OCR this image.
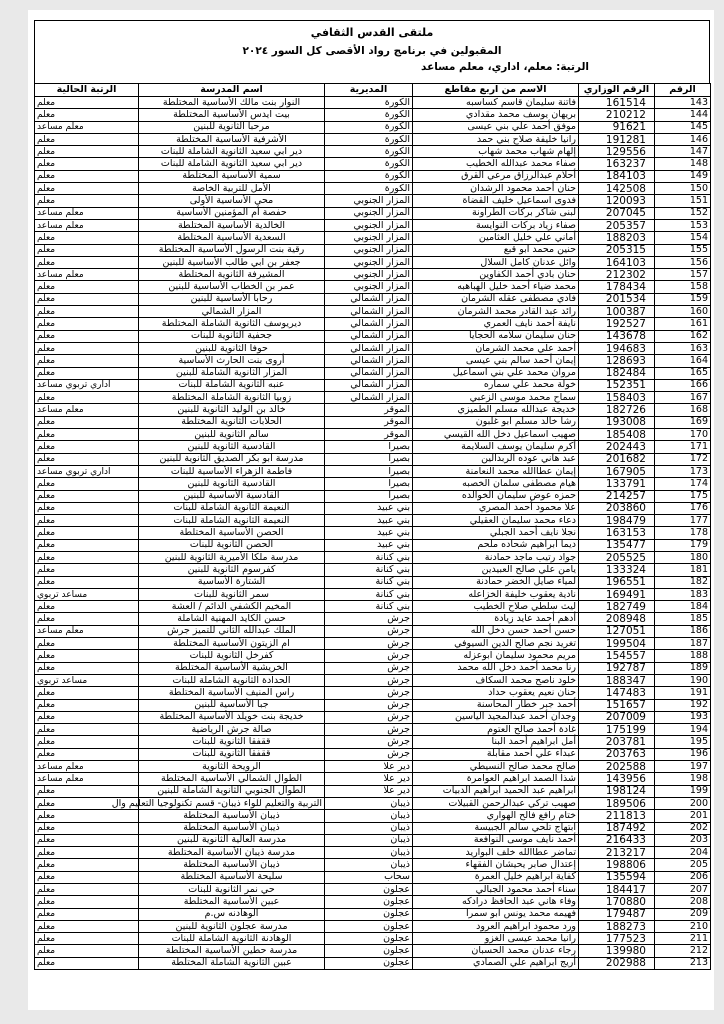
ملتقى القدس الثقافي
المقبولين في برنامج رواد الأقصى كل السور ٢٠٢٤
الرتبة: معلم، اداري، معلم مساعد
الرقم	الرقم الوزاري	الاسم من اربع مقاطع	المديرية	اسم المدرسة	الرتبة الحالية
143	161514	فاتنة سليمان قاسم كساسبه	الكورة	النوار بنت مالك الأساسية المختلطة	معلم
144	210212	بريهان يوسف محمد مقدادي	الكورة	بيت ايدس الأساسية المختلطة	معلم
145	91621	موفق أحمد علي بني عيسى	الكورة	مرحبا الثانوية للبنين	معلم مساعد
146	191281	رانيا خليفة صلاح بني حمد	الكورة	الأشرفية الأساسية المختلطة	معلم
147	129556	إلهام شهاب محمد شهاب	الكورة	دير ابي سعيد الثانوية الشاملة للبنات	معلم
148	163237	صفاء محمد عبدالله الخطيب	الكورة	دير ابي سعيد الثانوية الشاملة للبنات	معلم
149	184103	أحلام عبدالرزاق مرعي القرق	الكورة	سمية الأساسية المختلطة	معلم
150	142508	حنان أحمد محمود الرشدان	الكورة	الأمل للتربية الخاصة	معلم
151	120093	فدوى اسماعيل خليف القضاة	المزار الجنوبي	محي الأساسية الأولى	معلم
152	207045	لبنى شاكر بركات الطراونة	المزار الجنوبي	حفصة أم المؤمنين الأساسية	معلم مساعد
153	205357	صفاء زياد بركات النوايسة	المزار الجنوبي	الخالدية الأساسية المختلطة	معلم مساعد
154	188203	أماني علي خليل العثامين	المزار الجنوبي	السعدية الأساسية المختلطة	معلم
155	205315	حنين محمد ابو قبع	المزار الجنوبي	رقية بنت الرسول الأساسية المختلطة	معلم
156	164103	وائل عدنان كامل السلال	المزار الجنوبي	جعفر بن ابي طالب الأساسية للبنين	معلم
157	212302	حنان بادي أحمد الكفاوين	المزار الجنوبي	المشيرفة الثانوية المختلطة	معلم مساعد
158	178434	محمد ضياء أحمد خليل الهباهبه	المزار الجنوبي	عمر بن الخطاب الأساسية للبنين	معلم
159	201534	فادي مصطفى عقله الشرمان	المزار الشمالي	رحابا الأساسية للبنين	معلم
160	100387	رائد عبد القادر محمد الشرمان	المزار الشمالي	المزار الشمالي	معلم
161	192527	نايفة أحمد نايف العمري	المزار الشمالي	ديريوسف الثانوية الشاملة المختلطة	معلم
162	143678	حنان سليمان سلامه الحجايا	المزار الشمالي	جحفية الثانوية للبنات	معلم
163	194683	أحمد علي محمد الشرمان	المزار الشمالي	حوفا الثانوية للبنين	معلم
164	128693	إيمان أحمد سالم بني عيسى	المزار الشمالي	أروى بنت الحارث الأساسية	معلم
165	182484	مروان محمد علي بني اسماعيل	المزار الشمالي	المزار الثانوية الشاملة للبنين	معلم
166	152351	خولة محمد علي سماره	المزار الشمالي	عنبه الثانوية الشاملة للبنات	اداري تربوي مساعد
167	158403	سماح محمد موسى الزعبي	المزار الشمالي	زوبيا الثانوية الشاملة المختلطة	معلم
168	182726	خديجة عبدالله مسلم الطميزي	الموقر	خالد بن الوليد الثانوية للبنين	معلم مساعد
169	193008	رشا خالد مسلم ابو غلبون	الموقر	الحلابات الثانوية المختلطة	معلم
170	185408	صهيب اسماعيل دخل الله القيسي	الموقر	سالم الثانوية للبنين	معلم
171	202443	أكرم سليمان يوسف السلايمة	بصيرا	القادسية الثانوية للبنين	معلم
172	201682	عبد هاني عوده الربدالين	بصيرا	مدرسة ابو بكر الصديق الثانوية للبنين	معلم
173	167905	إيمان عطاالله محمد النعامنة	بصيرا	فاطمة الزهراء الأساسية للبنات	اداري تربوي مساعد
174	133791	هيام مصطفى سلمان الخصبه	بصيرا	القادسية الثانوية للبنين	معلم
175	214257	حمزه عوض سليمان الخوالده	بصيرا	القادسية الأساسية للبنين	معلم
176	203860	علا محمود أحمد المصري	بني عبيد	النعيمة الثانوية الشاملة للبنات	معلم
177	198479	دعاء محمد سليمان العقيلي	بني عبيد	النعيمة الثانوية الشاملة للبنات	معلم
178	163153	نجلا نايف أحمد الجبلي	بني عبيد	الحصن الأساسية المختلطة	معلم
179	135477	ديما ابراهيم شحاده ملحم	بني عبيد	الحصن الثانوية للبنات	معلم
180	205525	جواد رتيب ماجد حمادنة	بني كنانة	مدرسة ملكا الأميرية الثانوية للبنين	معلم
181	133324	يامن علي صالح العبيدين	بني كنانة	كفرسوم الثانوية للبنين	معلم
182	196551	لمياء صايل الخضر حمادنة	بني كنانة	الشتارة الأساسية	معلم
183	169491	نادية يعقوب خليفة الخزاعله	بني كنانة	سمر الثانوية للبنات	مساعد تربوي
184	182749	ليث سلطي صلاح الخطيب	بني كنانة	المخيم الكشفي الدائم / العشة	معلم
185	208948	أدهم أحمد عايد زيادة	جرش	حسن الكايد المهنية الشاملة	معلم
186	127051	حسن أحمد حسن دخل الله	جرش	الملك عبدالله الثاني للتميز جرش	معلم مساعد
187	199504	تغريد نجم صالح الدين السيوفي	جرش	ام الزيتون الأساسية المختلطة	معلم
188	154557	مريم محمود سليمان ابوعزله	جرش	كفرخل الثانوية للبنات	معلم
189	192787	رنا محمد أحمد دخل الله محمد	جرش	الخريشية الأساسية المختلطة	معلم
190	188347	خلود ناصح محمد السكاف	جرش	الحدادة الثانوية الشاملة للبنات	مساعد تربوي
191	147483	حنان نعيم يعقوب حداد	جرش	راس المنيف الأساسية المختلطة	معلم
192	151657	أحمد جبر خطار المحاسنة	جرش	جبا الأساسية للبنين	معلم
193	207009	وجدان أحمد عبدالمجيد الياسين	جرش	خديجة بنت خويلد الأساسية المختلطة	معلم
194	175199	غادة أحمد صالح العتوم	جرش	صالة جرش الرياضية	معلم
195	203781	أمل ابراهيم أحمد البنا	جرش	ققفقا الثانوية للبنات	معلم
196	203763	عبداء علي أحمد مقابلة	جرش	ققفقا الثانوية للبنات	معلم
197	202588	صالح محمد صالح النسيطي	دير علا	الرويحة الثانوية	معلم مساعد
198	143956	شذا الصمد ابراهيم العوامرة	دير علا	الطوال الشمالي الأساسية المختلطة	معلم مساعد
199	198124	ابراهيم عبد الحميد ابراهيم الدبيات	دير علا	الطوال الجنوبي الثانوية الشاملة للبنين	معلم
200	189506	صهيب تركي عبدالرحمن القبيلات	ذيبان	التربية والتعليم للواء ذيبان- قسم تكنولوجيا التعليم وال	معلم
201	211813	ختام رافع فالح الهواري	ذيبان	ذيبان الأساسية المختلطة	معلم
202	187492	ابتهاج تلحي سالم الجبيسة	ذيبان	ذيبان الأساسية المختلطة	معلم
203	216433	أحمد نايف موسى النوافعة	ذيبان	مدرسة العالية الثانوية للبنين	معلم
204	213217	تماضر عطاالله خلف البواريد	ذيبان	مدرسة ذيبان الأساسية المختلطة	معلم
205	198806	إعتدال صابر يحيشان الفقهاء	ذيبان	ذيبان الأساسية المختلطة	معلم
206	135594	كفاية ابراهيم خليل العمرة	سحاب	سليحة الأساسية المختلطة	معلم
207	184417	سناء أحمد محمود الجبالي	عجلون	حي نمر الثانوية للبنات	معلم
208	170880	وفاء هاني عبد الحافظ درادكه	عجلون	عبين الأساسية المختلطة	معلم
209	179487	فهيمه محمد يونس ابو سمرا	عجلون	الوهادنه س.م	معلم
210	188273	ورد محمود ابراهيم العرود	عجلون	مدرسة عجلون الثانوية للبنين	معلم
211	177523	رانيا محمد عيسى الغزو	عجلون	الوهادنة الثانوية الشاملة للبنات	معلم
212	139980	رجاء عدنان محمد الحسبان	عجلون	مدرسة حطين الأساسية المختلطة	معلم
213	202988	أريج ابراهيم علي الصمادي	عجلون	عبين الثانوية الشاملة المختلطة	معلم
